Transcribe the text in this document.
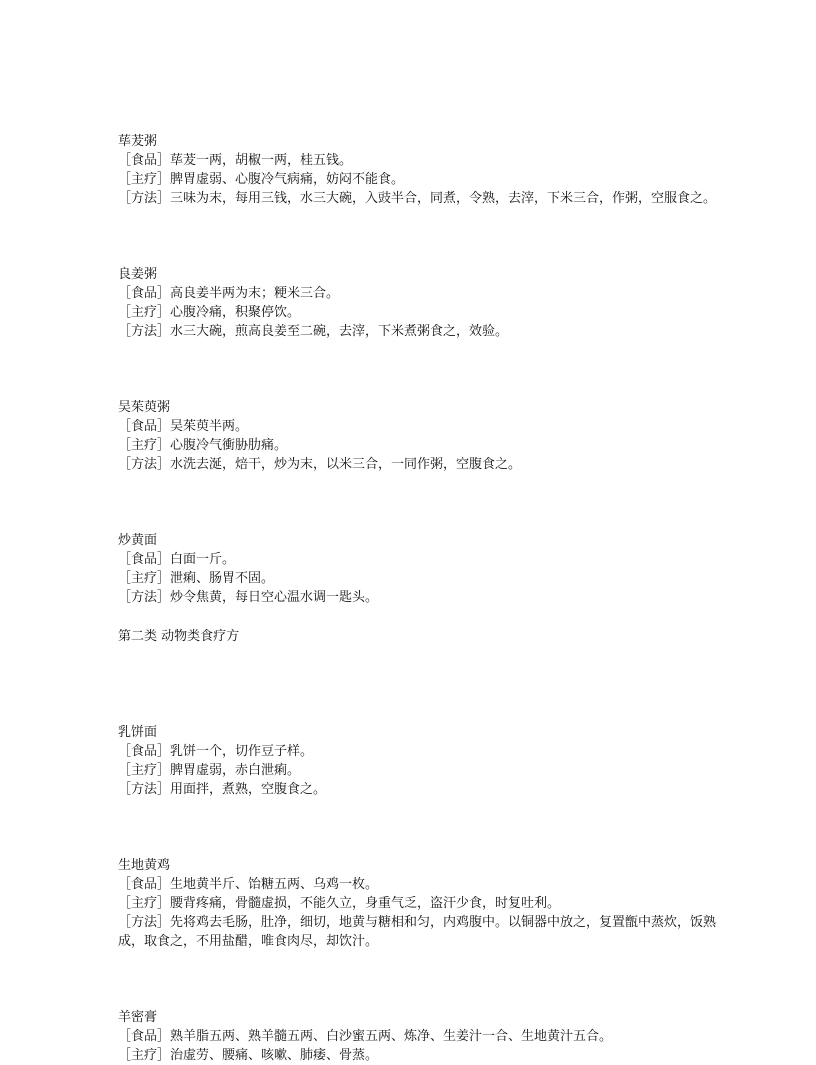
荜茇粥
［食品］荜茇一两，胡椒一两，桂五钱。
［主疗］脾胃虚弱、心腹冷气病痛，妨闷不能食。
［方法］三味为末，每用三钱，水三大碗，入豉半合，同煮，令熟，去滓，下米三合，作粥，空服食之。
良姜粥
［食品］高良姜半两为末；粳米三合。
［主疗］心腹冷痛，积聚停饮。
［方法］水三大碗，煎高良姜至二碗，去滓，下米煮粥食之，效验。
吴茱萸粥
［食品］吴茱萸半两。
［主疗］心腹冷气衝胁肋痛。
［方法］水洗去涎，焙干，炒为末，以米三合，一同作粥，空腹食之。
炒黄面
［食品］白面一斤。
［主疗］泄痢、肠胃不固。
［方法］炒令焦黄，每日空心温水调一匙头。
第二类 动物类食疗方
乳饼面
［食品］乳饼一个，切作豆子样。
［主疗］脾胃虚弱，赤白泄痢。
［方法］用面拌，煮熟，空腹食之。
生地黄鸡
［食品］生地黄半斤、饴糖五两、乌鸡一枚。
［主疗］腰背疼痛，骨髓虚损，不能久立，身重气乏，盗汗少食，时复吐利。
［方法］先将鸡去毛肠，肚净，细切，地黄与糖相和匀，内鸡腹中。以铜器中放之，复置甑中蒸炊，饭熟成，取食之，不用盐醋，唯食肉尽，却饮汁。
羊密膏
［食品］熟羊脂五两、熟羊髓五两、白沙蜜五两、炼净、生姜汁一合、生地黄汁五合。
［主疗］治虚劳、腰痛、咳嗽、肺痿、骨蒸。
